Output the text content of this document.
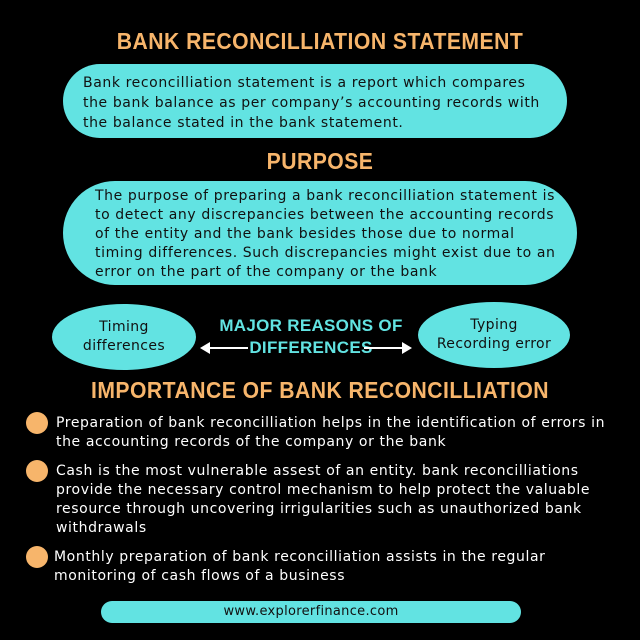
BANK RECONCILLIATION STATEMENT
Bank reconcilliation statement is a report which compares the bank balance as per company’s accounting records with the balance stated in the bank statement.
PURPOSE
The purpose of preparing a bank reconcilliation statement is to detect any discrepancies between the accounting records of the entity and the bank besides those due to normal timing differences. Such discrepancies might exist due to an error on the part of the company or the bank
Timing
differences
MAJOR REASONS OF
DIFFERENCES
Typing
Recording error
IMPORTANCE OF BANK RECONCILLIATION
Preparation of bank reconcilliation helps in the identification of errors in the accounting records of the company or the bank
Cash is the most vulnerable assest of an entity. bank reconcilliations provide the necessary control mechanism to help protect the valuable resource through uncovering irrigularities such as unauthorized bank withdrawals
Monthly preparation of bank reconcilliation assists in the regular monitoring of cash flows of a business
www.explorerfinance.com
